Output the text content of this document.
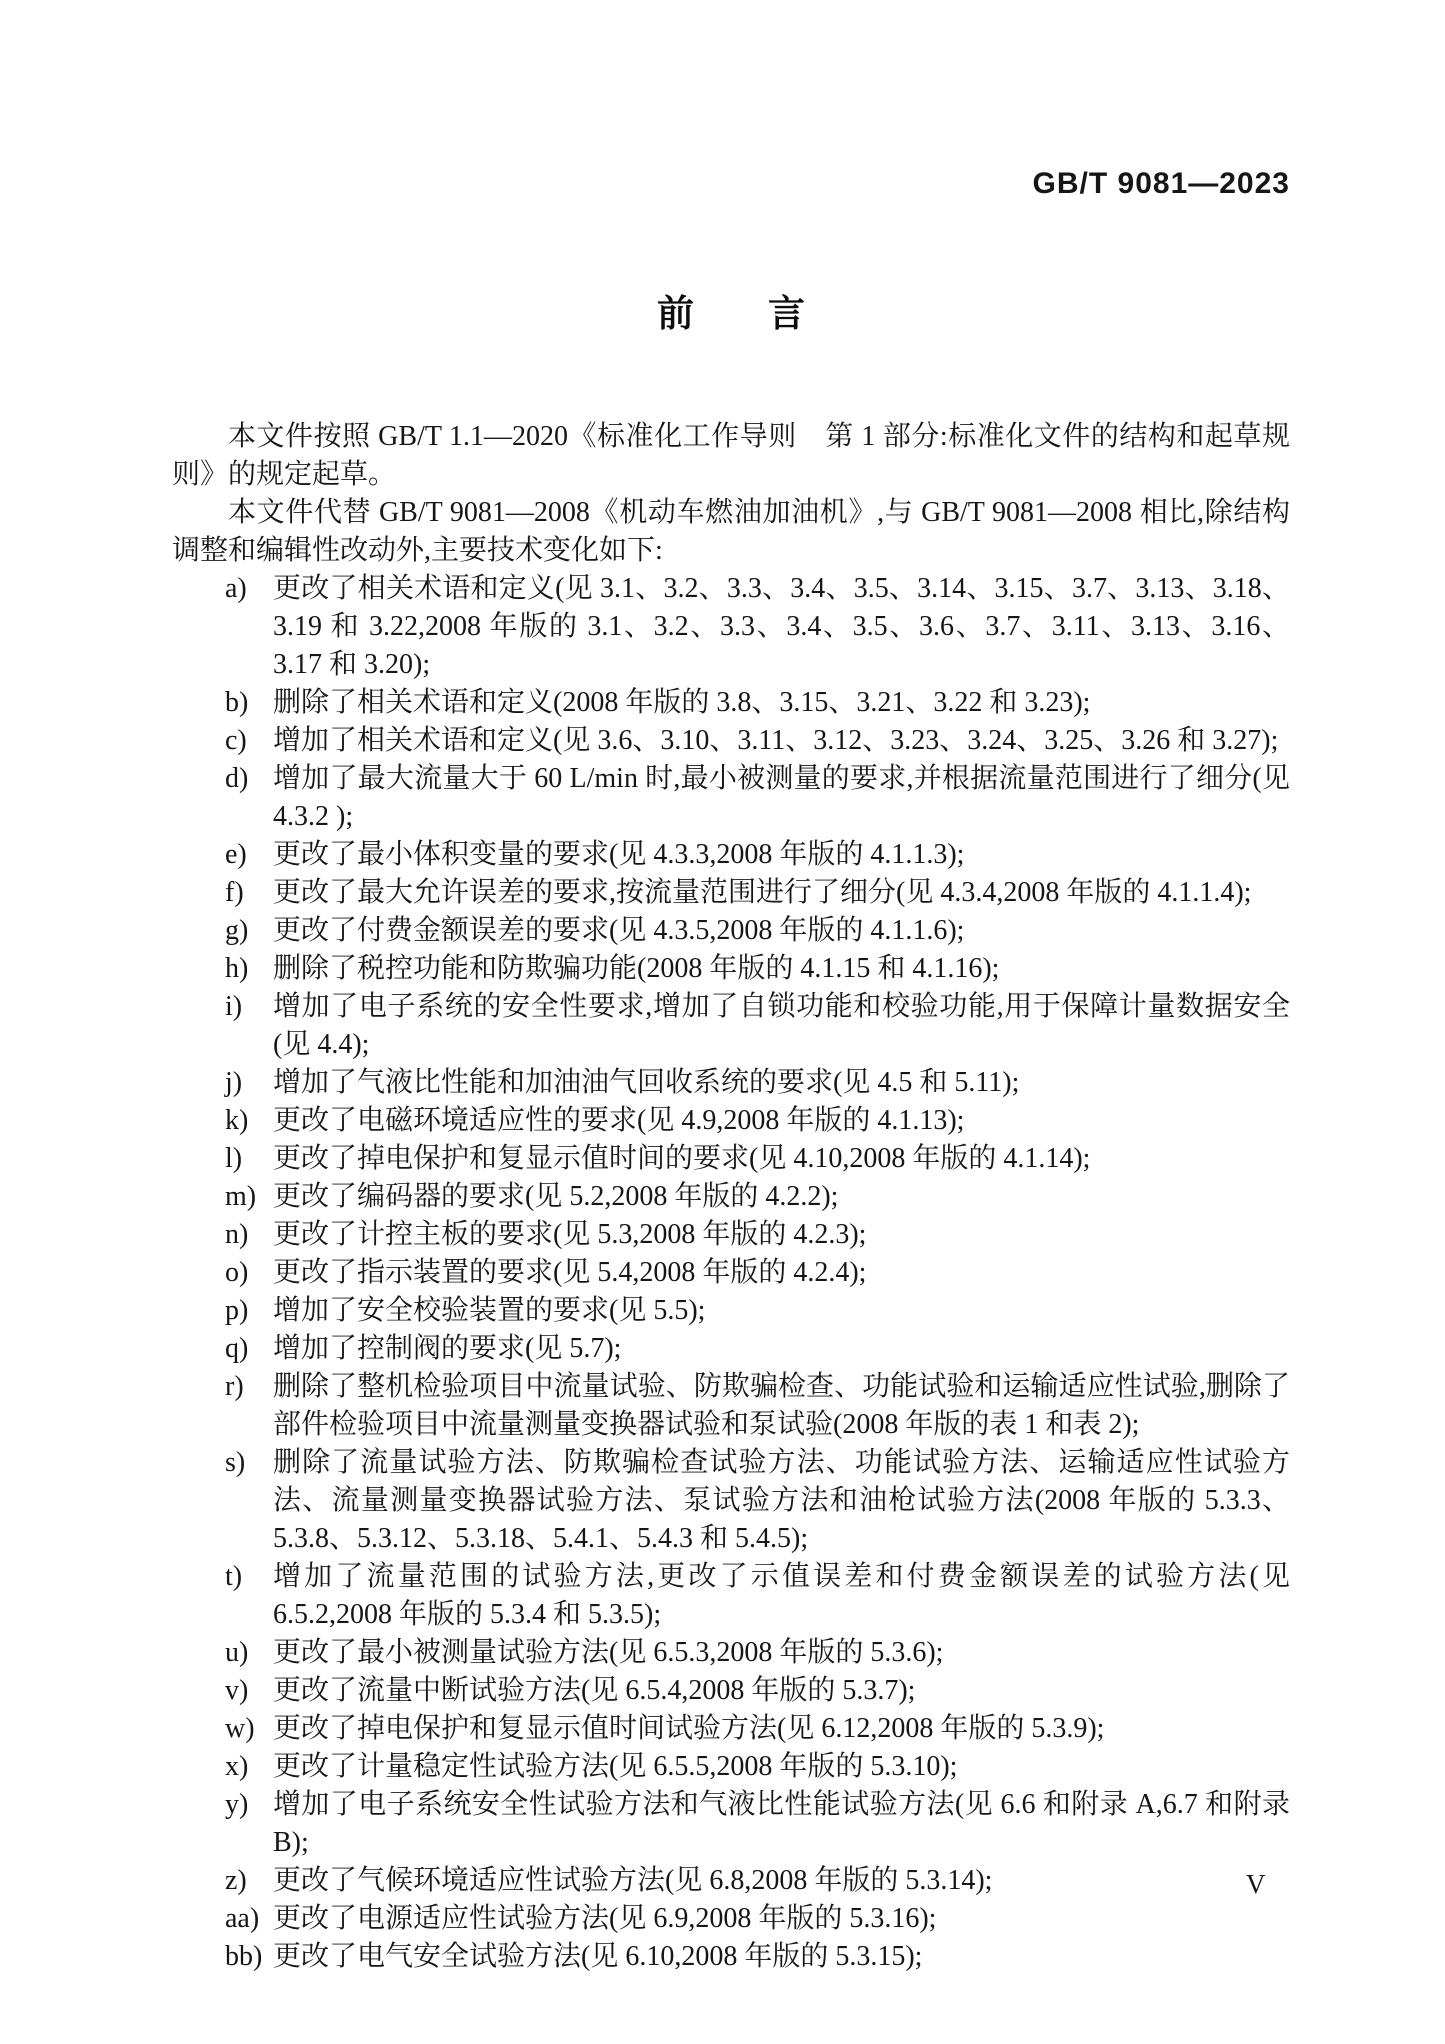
GB/T 9081—2023
前　　言

本文件按照 GB/T 1.1—2020《标准化工作导则　第 1 部分:标准化文件的结构和起草规则》的规定起草。

本文件代替 GB/T 9081—2008《机动车燃油加油机》,与 GB/T 9081—2008 相比,除结构调整和编辑性改动外,主要技术变化如下:

a) 更改了相关术语和定义(见 3.1、3.2、3.3、3.4、3.5、3.14、3.15、3.7、3.13、3.18、3.19 和 3.22,2008 年版的 3.1、3.2、3.3、3.4、3.5、3.6、3.7、3.11、3.13、3.16、3.17 和 3.20);
b) 删除了相关术语和定义(2008 年版的 3.8、3.15、3.21、3.22 和 3.23);
c) 增加了相关术语和定义(见 3.6、3.10、3.11、3.12、3.23、3.24、3.25、3.26 和 3.27);
d) 增加了最大流量大于 60 L/min 时,最小被测量的要求,并根据流量范围进行了细分(见 4.3.2 );
e) 更改了最小体积变量的要求(见 4.3.3,2008 年版的 4.1.1.3);
f)	更改了最大允许误差的要求,按流量范围进行了细分(见 4.3.4,2008 年版的 4.1.1.4);
g) 更改了付费金额误差的要求(见 4.3.5,2008 年版的 4.1.1.6);
h) 删除了税控功能和防欺骗功能(2008 年版的 4.1.15 和 4.1.16);
i)	增加了电子系统的安全性要求,增加了自锁功能和校验功能,用于保障计量数据安全(见 4.4);
j)	增加了气液比性能和加油油气回收系统的要求(见 4.5 和 5.11);
k) 更改了电磁环境适应性的要求(见 4.9,2008 年版的 4.1.13);
l)	更改了掉电保护和复显示值时间的要求(见 4.10,2008 年版的 4.1.14);
m) 更改了编码器的要求(见 5.2,2008 年版的 4.2.2);
n) 更改了计控主板的要求(见 5.3,2008 年版的 4.2.3);
o) 更改了指示装置的要求(见 5.4,2008 年版的 4.2.4);
p) 增加了安全校验装置的要求(见 5.5);
q) 增加了控制阀的要求(见 5.7);
r)	删除了整机检验项目中流量试验、防欺骗检查、功能试验和运输适应性试验,删除了部件检验项目中流量测量变换器试验和泵试验(2008 年版的表 1 和表 2);
s) 删除了流量试验方法、防欺骗检查试验方法、功能试验方法、运输适应性试验方法、流量测量变换器试验方法、泵试验方法和油枪试验方法(2008 年版的 5.3.3、5.3.8、5.3.12、5.3.18、5.4.1、5.4.3 和 5.4.5);
t)	增加了流量范围的试验方法,更改了示值误差和付费金额误差的试验方法(见 6.5.2,2008 年版的 5.3.4 和 5.3.5);
u) 更改了最小被测量试验方法(见 6.5.3,2008 年版的 5.3.6);
v) 更改了流量中断试验方法(见 6.5.4,2008 年版的 5.3.7);
w) 更改了掉电保护和复显示值时间试验方法(见 6.12,2008 年版的 5.3.9);
x) 更改了计量稳定性试验方法(见 6.5.5,2008 年版的 5.3.10);
y) 增加了电子系统安全性试验方法和气液比性能试验方法(见 6.6 和附录 A,6.7 和附录 B);
z) 更改了气候环境适应性试验方法(见 6.8,2008 年版的 5.3.14);
aa) 更改了电源适应性试验方法(见 6.9,2008 年版的 5.3.16);
bb) 更改了电气安全试验方法(见 6.10,2008 年版的 5.3.15);
V
